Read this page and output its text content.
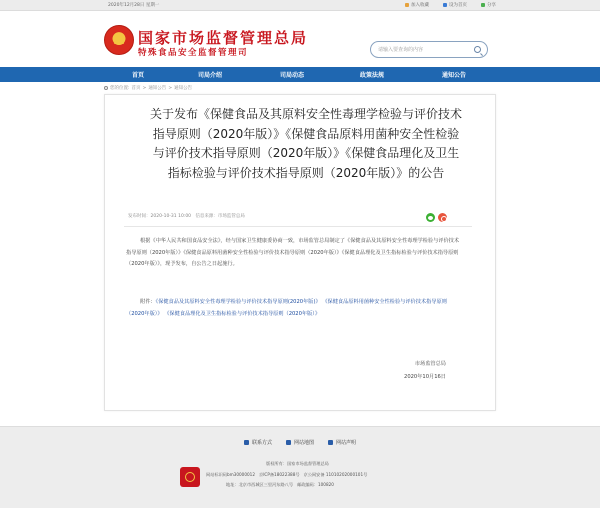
2020年12月28日 星期一	加入收藏	设为首页	分享
国家市场监督管理总局
特殊食品安全监督管理司	请输入要查询的内容
首页	司局介绍	司局动态	政策法规	通知公告
您的位置: 首页 > 通知公告 > 通知公告
关于发布《保健食品及其原料安全性毒理学检验与评价技术指导原则（2020年版）》《保健食品原料用菌种安全性检验与评价技术指导原则（2020年版）》《保健食品理化及卫生指标检验与评价技术指导原则（2020年版）》的公告
发布时间：2020-10-31 10:00 信息来源：市场监管总局
根据《中华人民共和国食品安全法》，经与国家卫生健康委协商一致，市场监管总局制定了《保健食品及其原料安全性毒理学检验与评价技术指导原则（2020年版）》《保健食品原料用菌种安全性检验与评价技术指导原则（2020年版）》《保健食品理化及卫生指标检验与评价技术指导原则（2020年版）》，现予发布，自公告之日起施行。
附件：《保健食品及其原料安全性毒理学检验与评价技术指导原则(2020年版)》 《保健食品原料用菌种安全性检验与评价技术指导原则（2020年版）》 《保健食品理化及卫生指标检验与评价技术指导原则（2020年版）》
市场监管总局
2020年10月16日
联系方式	网站地图	网站声明
版权所有：国家市场监督管理总局
网站标识码bm30000012 京ICP备18022388号 京公网安备 11010202000101号
地址：北京市西城区三里河东路八号 邮政编码：100820
